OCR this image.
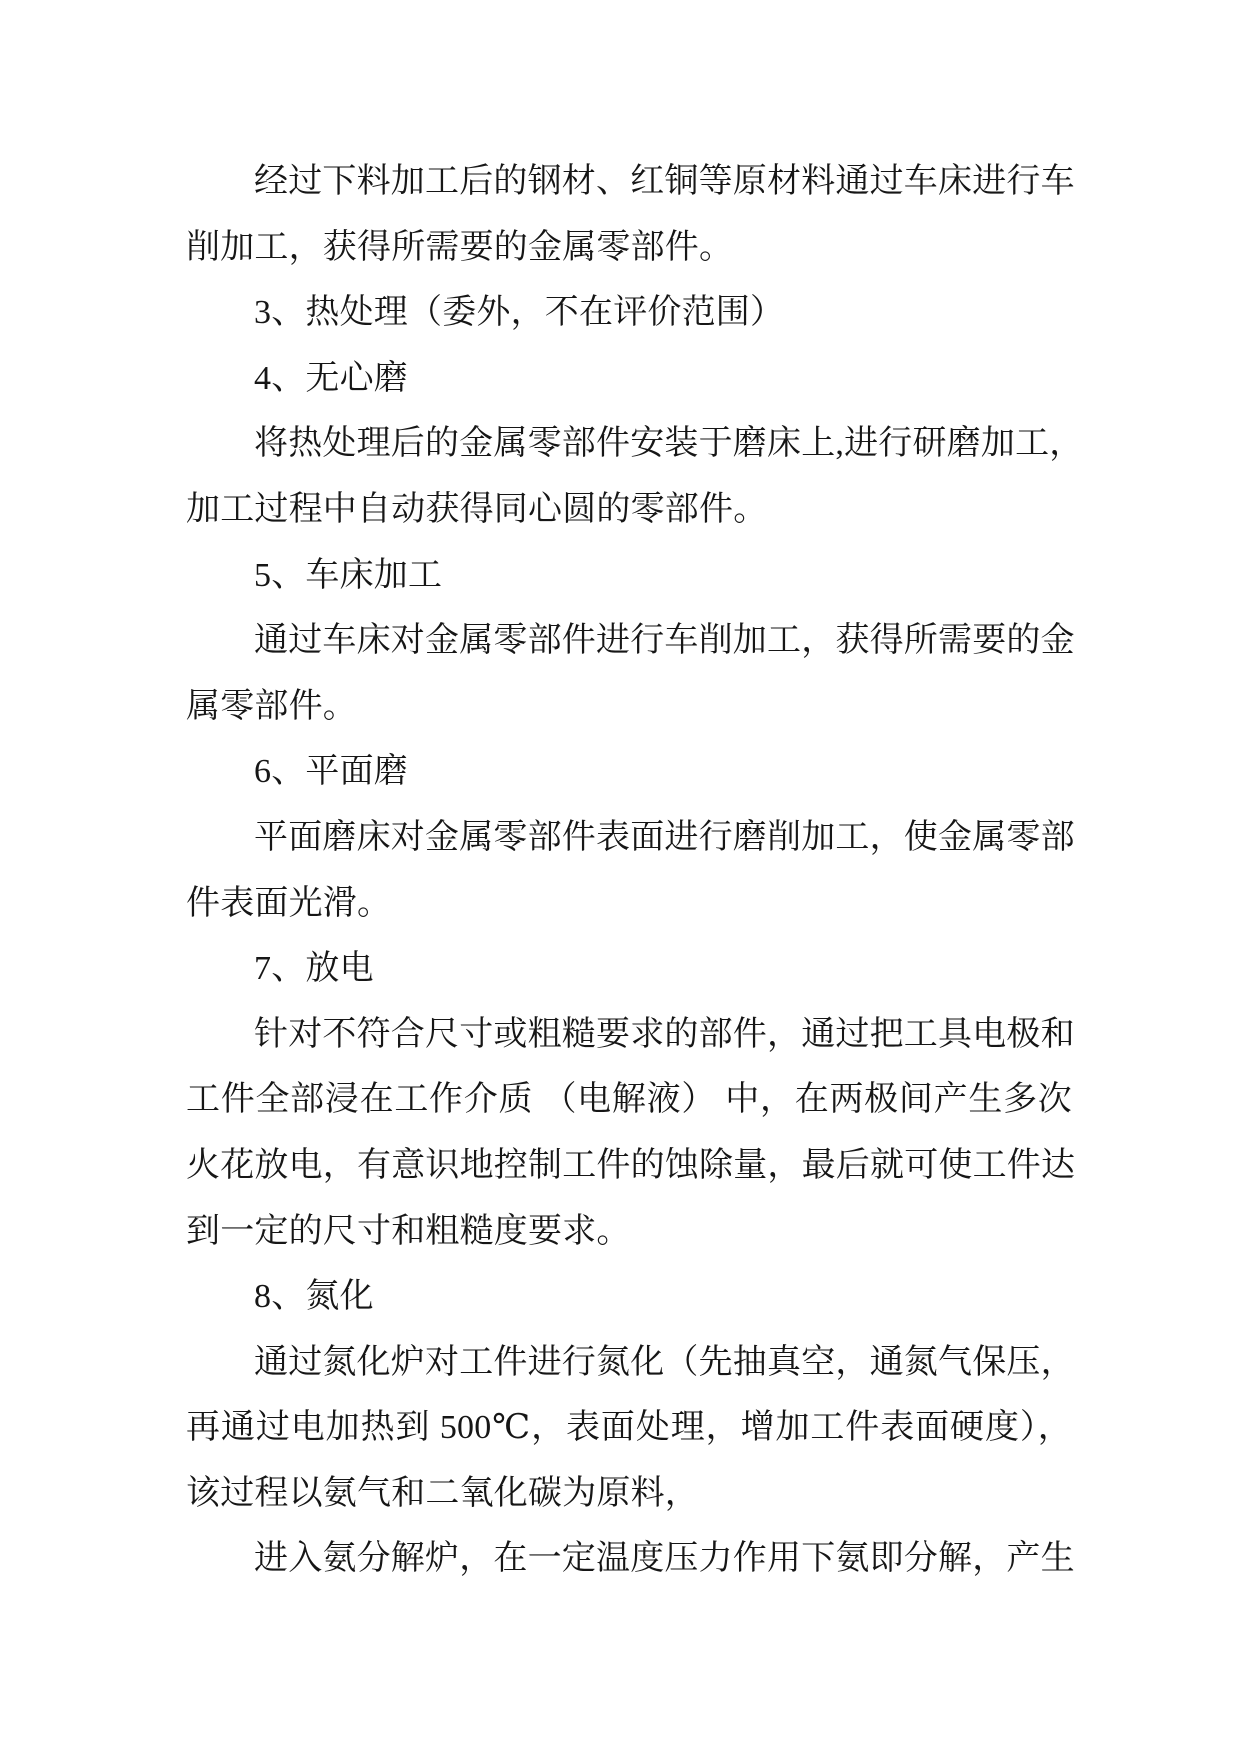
经过下料加工后的钢材、红铜等原材料通过车床进行车
削加工，获得所需要的金属零部件。
3、热处理（委外，不在评价范围）
4、无心磨
将热处理后的金属零部件安装于磨床上,进行研磨加工，
加工过程中自动获得同心圆的零部件。
5、车床加工
通过车床对金属零部件进行车削加工，获得所需要的金
属零部件。
6、平面磨
平面磨床对金属零部件表面进行磨削加工，使金属零部
件表面光滑。
7、放电
针对不符合尺寸或粗糙要求的部件，通过把工具电极和
工件全部浸在工作介质 （电解液） 中，在两极间产生多次
火花放电，有意识地控制工件的蚀除量，最后就可使工件达
到一定的尺寸和粗糙度要求。
8、氮化
通过氮化炉对工件进行氮化（先抽真空，通氮气保压，
再通过电加热到 500℃，表面处理，增加工件表面硬度），
该过程以氨气和二氧化碳为原料，
进入氨分解炉，在一定温度压力作用下氨即分解，产生
